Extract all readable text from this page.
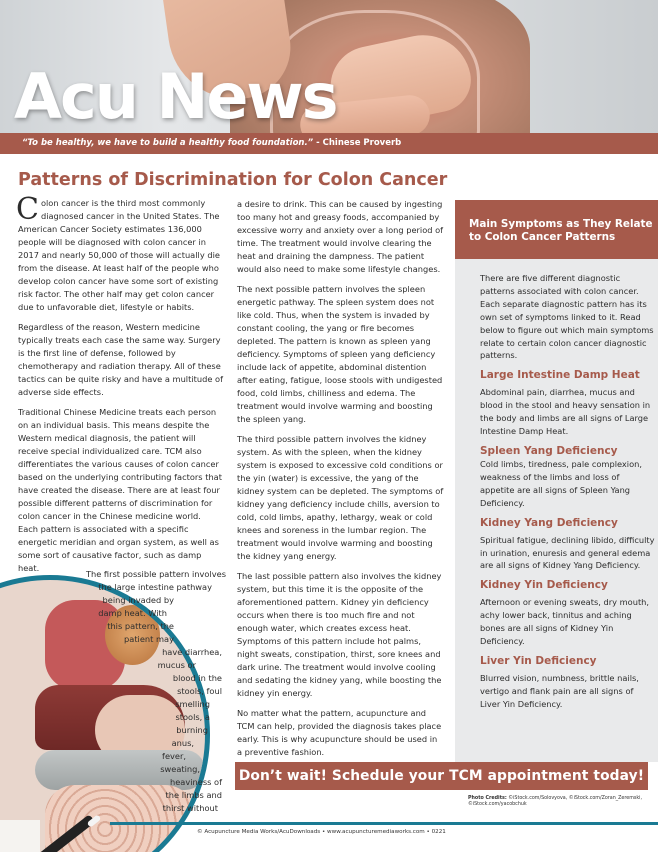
Acu News
“To be healthy, we have to build a healthy food foundation.” - Chinese Proverb
Patterns of Discrimination for Colon Cancer

Colon cancer is the third most commonly diagnosed cancer in the United States. The American Cancer Society estimates 136,000 people will be diagnosed with colon cancer in 2017 and nearly 50,000 of those will actually die from the disease. At least half of the people who develop colon cancer have some sort of existing risk factor. The other half may get colon cancer due to unfavorable diet, lifestyle or habits.

Regardless of the reason, Western medicine typically treats each case the same way. Surgery is the first line of defense, followed by chemotherapy and radiation therapy. All of these tactics can be quite risky and have a multitude of adverse side effects.

Traditional Chinese Medicine treats each person on an individual basis. This means despite the Western medical diagnosis, the patient will receive special individualized care. TCM also differentiates the various causes of colon cancer based on the underlying contributing factors that have created the disease. There are at least four possible different patterns of discrimination for colon cancer in the Chinese medicine world. Each pattern is associated with a specific energetic meridian and organ system, as well as some sort of causative factor, such as damp heat.

The first possible pattern involves
the large intestine pathway
being invaded by
damp heat. With
this pattern, the
patient may
have diarrhea,
mucus or
blood in the
stools, foul
smelling
stools, a
burning
anus,
fever,
sweating,
heaviness of
the limbs and
thirst without

a desire to drink. This can be caused by ingesting too many hot and greasy foods, accompanied by excessive worry and anxiety over a long period of time. The treatment would involve clearing the heat and draining the dampness. The patient would also need to make some lifestyle changes.

The next possible pattern involves the spleen energetic pathway. The spleen system does not like cold. Thus, when the system is invaded by constant cooling, the yang or fire becomes depleted. The pattern is known as spleen yang deficiency. Symptoms of spleen yang deficiency include lack of appetite, abdominal distention after eating, fatigue, loose stools with undigested food, cold limbs, chilliness and edema. The treatment would involve warming and boosting the spleen yang.

The third possible pattern involves the kidney system. As with the spleen, when the kidney system is exposed to excessive cold conditions or the yin (water) is excessive, the yang of the kidney system can be depleted. The symptoms of kidney yang deficiency include chills, aversion to cold, cold limbs, apathy, lethargy, weak or cold knees and soreness in the lumbar region. The treatment would involve warming and boosting the kidney yang energy.

The last possible pattern also involves the kidney system, but this time it is the opposite of the aforementioned pattern. Kidney yin deficiency occurs when there is too much fire and not enough water, which creates excess heat. Symptoms of this pattern include hot palms, night sweats, constipation, thirst, sore knees and dark urine. The treatment would involve cooling and sedating the kidney yang, while boosting the kidney yin energy.

No matter what the pattern, acupuncture and TCM can help, provided the diagnosis takes place early. This is why acupuncture should be used in a preventive fashion.

Main Symptoms as They Relate to Colon Cancer Patterns

There are five different diagnostic patterns associated with colon cancer. Each separate diagnostic pattern has its own set of symptoms linked to it. Read below to figure out which main symptoms relate to certain colon cancer diagnostic patterns.

Large Intestine Damp Heat

Abdominal pain, diarrhea, mucus and blood in the stool and heavy sensation in the body and limbs are all signs of Large Intestine Damp Heat.

Spleen Yang Deficiency

Cold limbs, tiredness, pale complexion, weakness of the limbs and loss of appetite are all signs of Spleen Yang Deficiency.

Kidney Yang Deficiency

Spiritual fatigue, declining libido, difficulty in urination, enuresis and general edema are all signs of Kidney Yang Deficiency.

Kidney Yin Deficiency

Afternoon or evening sweats, dry mouth, achy lower back, tinnitus and aching bones are all signs of Kidney Yin Deficiency.

Liver Yin Deficiency

Blurred vision, numbness, brittle nails, vertigo and flank pain are all signs of Liver Yin Deficiency.

Don’t wait! Schedule your TCM appointment today!
Photo Credits: ©iStock.com/Solovyova, ©iStock.com/Zoran_Zeremski, ©iStock.com/yacobchuk
© Acupuncture Media Works/AcuDownloads • www.acupuncturemediaworks.com • 0221
